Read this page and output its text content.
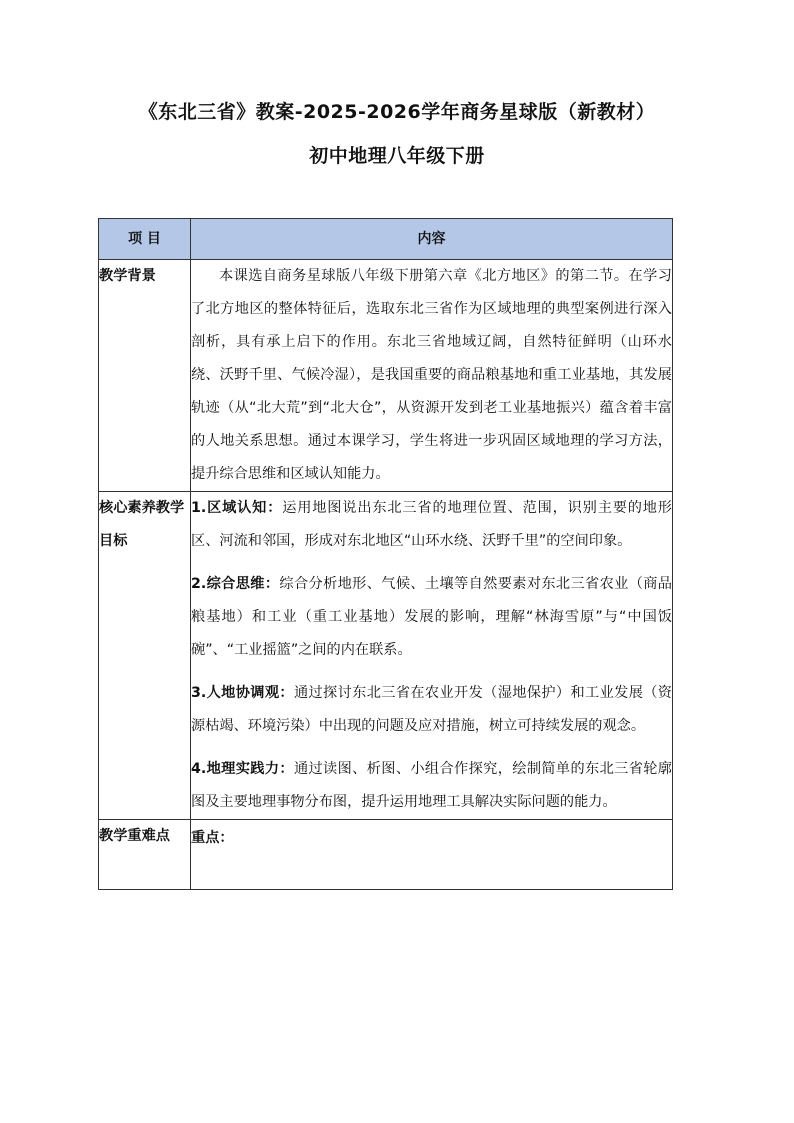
《东北三省》教案-2025-2026学年商务星球版（新教材）
初中地理八年级下册
项 目	内容
教学背景	本课选自商务星球版八年级下册第六章《北方地区》的第二节。在学习了北方地区的整体特征后，选取东北三省作为区域地理的典型案例进行深入剖析，具有承上启下的作用。东北三省地域辽阔，自然特征鲜明（山环水绕、沃野千里、气候冷湿），是我国重要的商品粮基地和重工业基地，其发展轨迹（从“北大荒”到“北大仓”，从资源开发到老工业基地振兴）蕴含着丰富的人地关系思想。通过本课学习，学生将进一步巩固区域地理的学习方法，提升综合思维和区域认知能力。

核心素养教学目标	1.区域认知：运用地图说出东北三省的地理位置、范围，识别主要的地形区、河流和邻国，形成对东北地区“山环水绕、沃野千里”的空间印象。

2.综合思维：综合分析地形、气候、土壤等自然要素对东北三省农业（商品粮基地）和工业（重工业基地）发展的影响，理解“林海雪原”与“中国饭碗”、“工业摇篮”之间的内在联系。

3.人地协调观：通过探讨东北三省在农业开发（湿地保护）和工业发展（资源枯竭、环境污染）中出现的问题及应对措施，树立可持续发展的观念。

4.地理实践力：通过读图、析图、小组合作探究，绘制简单的东北三省轮廓图及主要地理事物分布图，提升运用地理工具解决实际问题的能力。

教学重难点	重点：
